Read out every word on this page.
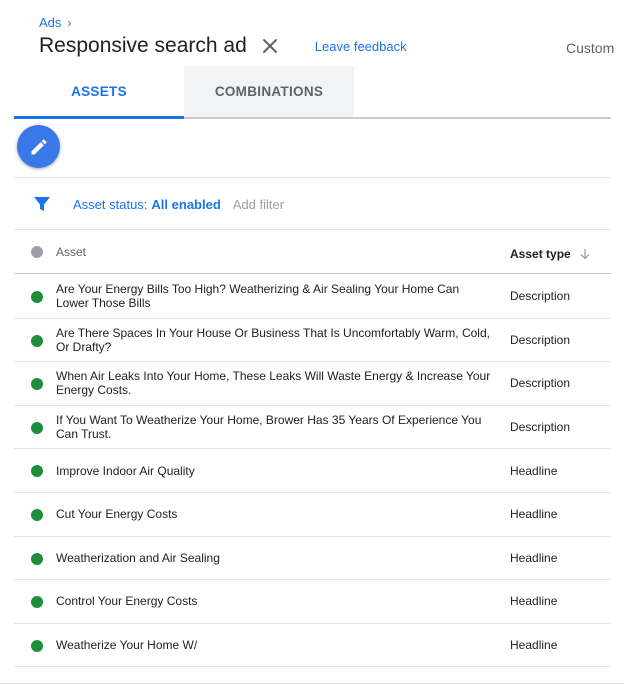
Ads ›
Responsive search ad	Leave feedback	Custom
ASSETS	COMBINATIONS
Asset status: All enabled Add filter
Asset	Asset type
Are Your Energy Bills Too High? Weatherizing & Air Sealing Your Home Can Lower Those Bills	Description
Are There Spaces In Your House Or Business That Is Uncomfortably Warm, Cold, Or Drafty?	Description
When Air Leaks Into Your Home, These Leaks Will Waste Energy & Increase Your Energy Costs.	Description
If You Want To Weatherize Your Home, Brower Has 35 Years Of Experience You Can Trust.	Description
Improve Indoor Air Quality	Headline
Cut Your Energy Costs	Headline
Weatherization and Air Sealing	Headline
Control Your Energy Costs	Headline
Weatherize Your Home W/	Headline
